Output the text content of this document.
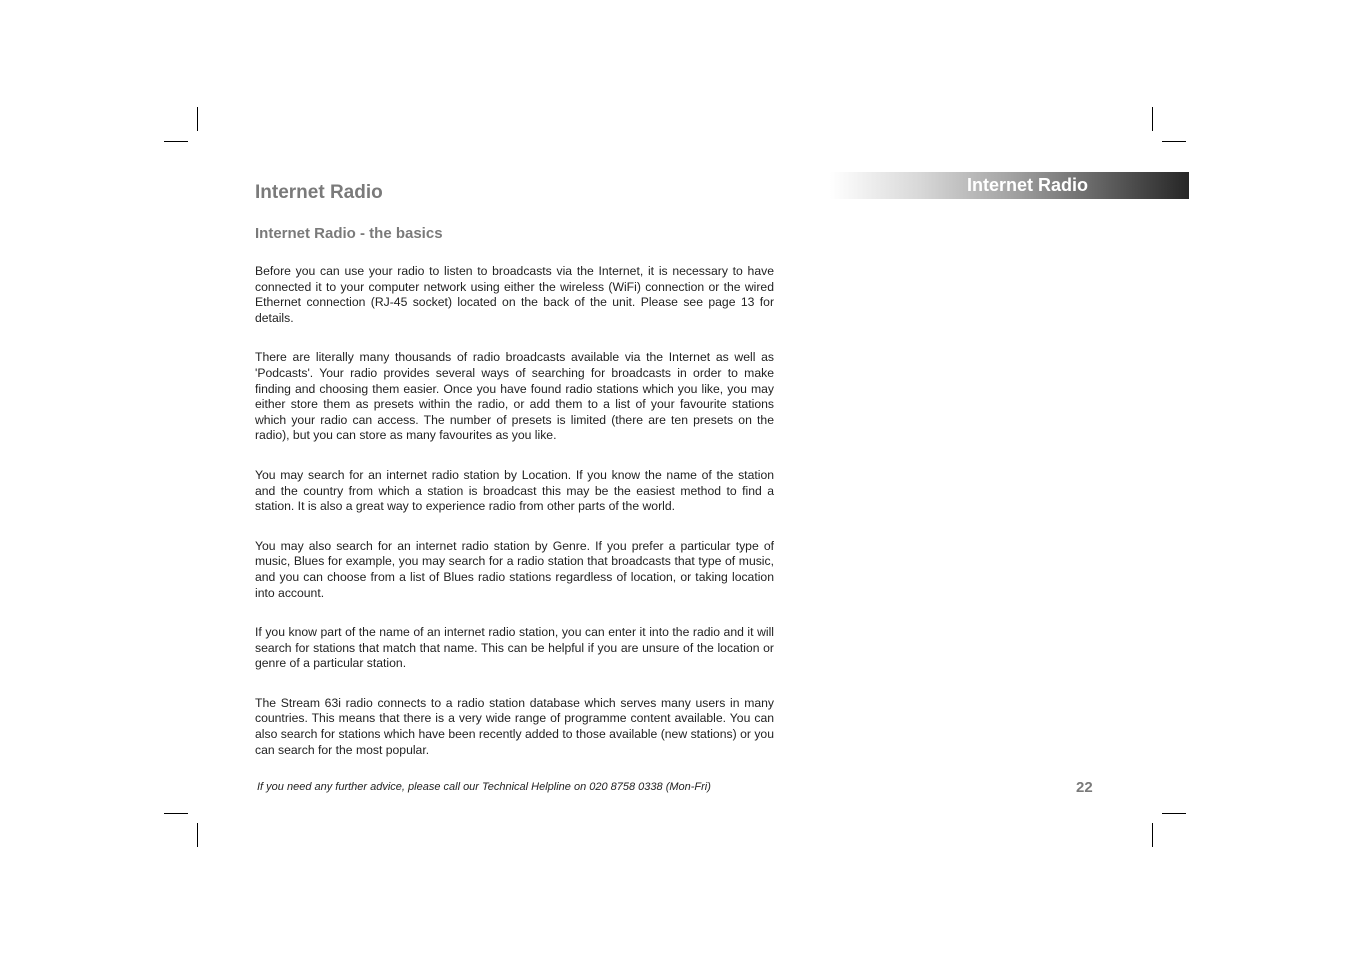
Internet Radio
Internet Radio - the basics

Before you can use your radio to listen to broadcasts via the Internet, it is necessary to have connected it to your computer network using either the wireless (WiFi) connection or the wired Ethernet connection (RJ-45 socket) located on the back of the unit. Please see page 13 for details.

There are literally many thousands of radio broadcasts available via the Internet as well as 'Podcasts'. Your radio provides several ways of searching for broadcasts in order to make finding and choosing them easier. Once you have found radio stations which you like, you may either store them as presets within the radio, or add them to a list of your favourite stations which your radio can access. The number of presets is limited (there are ten presets on the radio), but you can store as many favourites as you like.

You may search for an internet radio station by Location. If you know the name of the station and the country from which a station is broadcast this may be the easiest method to find a station. It is also a great way to experience radio from other parts of the world.

You may also search for an internet radio station by Genre. If you prefer a particular type of music, Blues for example, you may search for a radio station that broadcasts that type of music, and you can choose from a list of Blues radio stations regardless of location, or taking location into account.

If you know part of the name of an internet radio station, you can enter it into the radio and it will search for stations that match that name. This can be helpful if you are unsure of the location or genre of a particular station.

The Stream 63i radio connects to a radio station database which serves many users in many countries. This means that there is a very wide range of programme content available. You can also search for stations which have been recently added to those available (new stations) or you can search for the most popular.

Internet Radio
If you need any further advice, please call our Technical Helpline on 020 8758 0338 (Mon-Fri)	22
